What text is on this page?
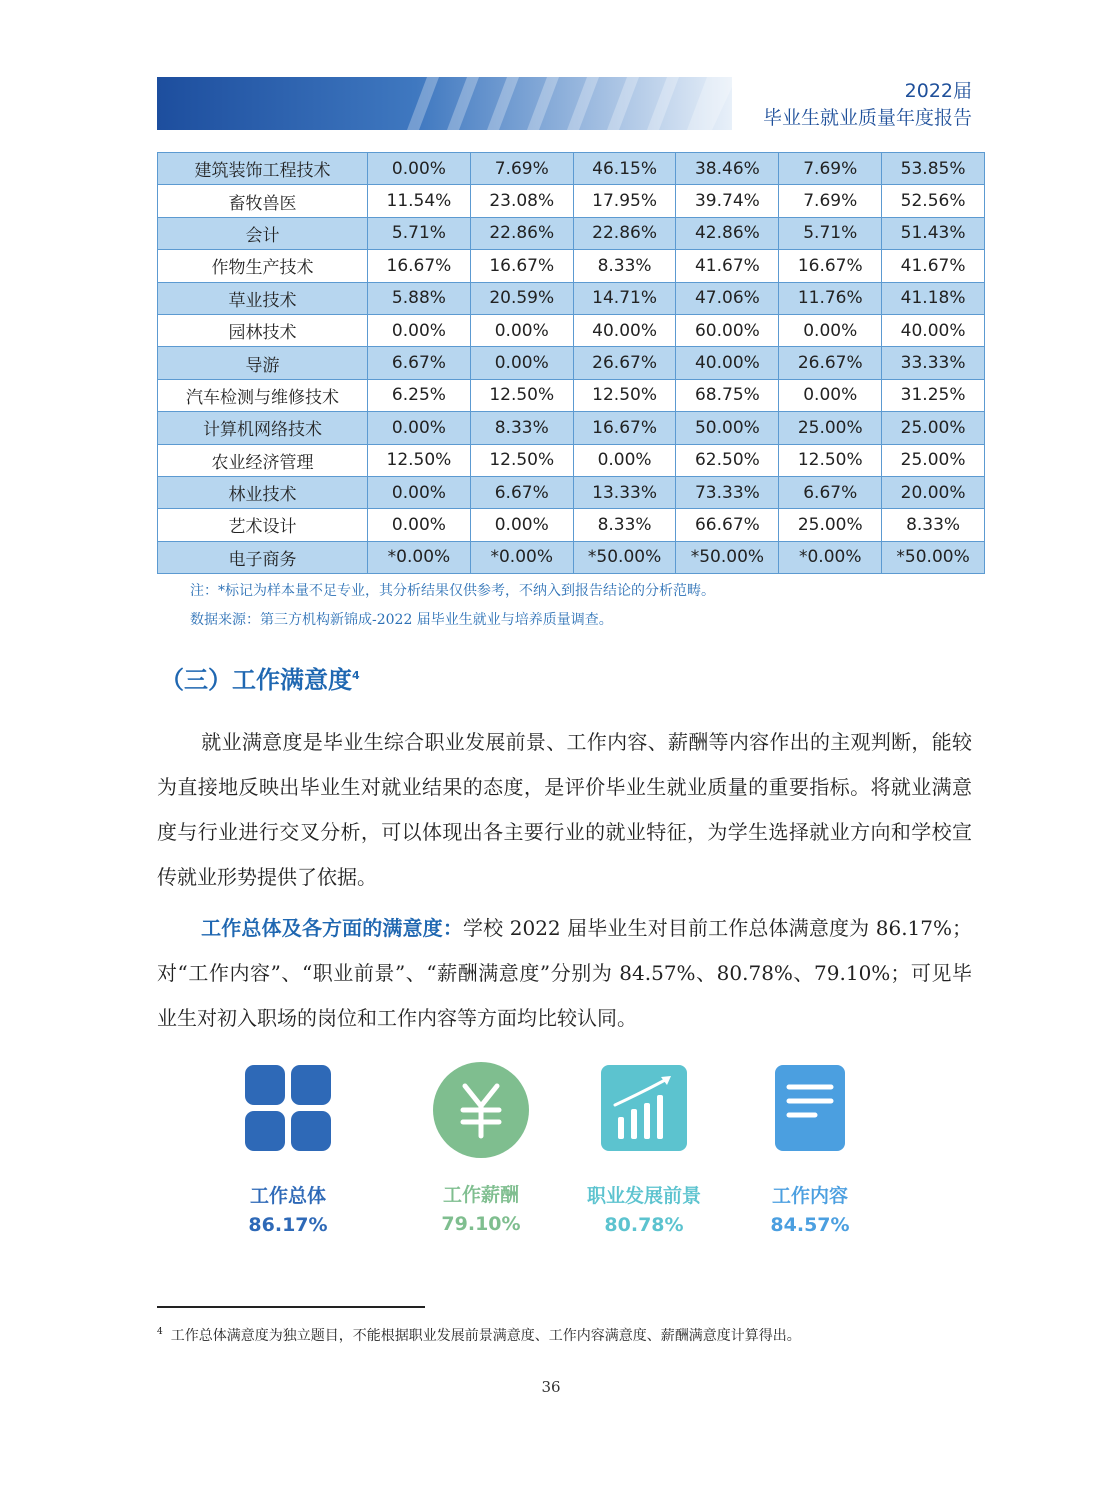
2022届
毕业生就业质量年度报告
建筑装饰工程技术	0.00%	7.69%	46.15%	38.46%	7.69%	53.85%
畜牧兽医	11.54%	23.08%	17.95%	39.74%	7.69%	52.56%
会计	5.71%	22.86%	22.86%	42.86%	5.71%	51.43%
作物生产技术	16.67%	16.67%	8.33%	41.67%	16.67%	41.67%
草业技术	5.88%	20.59%	14.71%	47.06%	11.76%	41.18%
园林技术	0.00%	0.00%	40.00%	60.00%	0.00%	40.00%
导游	6.67%	0.00%	26.67%	40.00%	26.67%	33.33%
汽车检测与维修技术	6.25%	12.50%	12.50%	68.75%	0.00%	31.25%
计算机网络技术	0.00%	8.33%	16.67%	50.00%	25.00%	25.00%
农业经济管理	12.50%	12.50%	0.00%	62.50%	12.50%	25.00%
林业技术	0.00%	6.67%	13.33%	73.33%	6.67%	20.00%
艺术设计	0.00%	0.00%	8.33%	66.67%	25.00%	8.33%
电子商务	*0.00%	*0.00%	*50.00%	*50.00%	*0.00%	*50.00%
注：*标记为样本量不足专业，其分析结果仅供参考，不纳入到报告结论的分析范畴。
数据来源：第三方机构新锦成-2022 届毕业生就业与培养质量调查。
（三）工作满意度$^4$
就业满意度是毕业生综合职业发展前景、工作内容、薪酬等内容作出的主观判断，能较为直接地反映出毕业生对就业结果的态度，是评价毕业生就业质量的重要指标。将就业满意度与行业进行交叉分析，可以体现出各主要行业的就业特征，为学生选择就业方向和学校宣传就业形势提供了依据。
工作总体及各方面的满意度：学校 2022 届毕业生对目前工作总体满意度为 86.17%；对“工作内容”、“职业前景”、“薪酬满意度”分别为 84.57%、80.78%、79.10%；可见毕业生对初入职场的岗位和工作内容等方面均比较认同。
工作总体
86.17%
工作薪酬
79.10%
职业发展前景
80.78%
工作内容
84.57%
$^4$ 工作总体满意度为独立题目，不能根据职业发展前景满意度、工作内容满意度、薪酬满意度计算得出。
36
